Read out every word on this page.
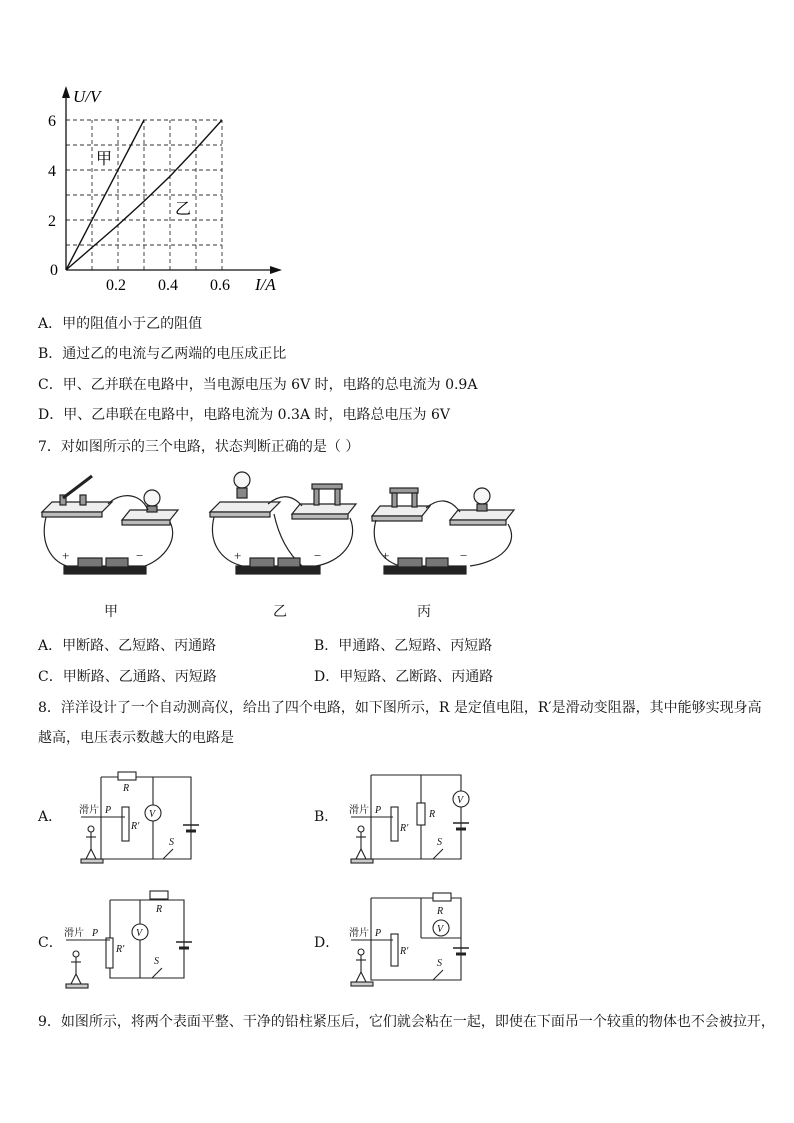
0.2 0.4 0.6
2
4
6
U/V
I/A
0
甲
乙
A．甲的阻值小于乙的阻值
B．通过乙的电流与乙两端的电压成正比
C．甲、乙并联在电路中，当电源电压为 6V 时，电路的总电流为 0.9A
D．甲、乙串联在电路中，电路电流为 0.3A 时，电路总电压为 6V
7．对如图所示的三个电路，状态判断正确的是（ ）
+	−	+	−	+	−
甲	乙	丙
A．甲断路、乙短路、丙通路	B．甲通路、乙短路、丙短路
C．甲断路、乙通路、丙短路	D．甲短路、乙断路、丙通路
8．洋洋设计了一个自动测高仪，给出了四个电路，如下图所示，R 是定值电阻，R′是滑动变阻器，其中能够实现身高
越高，电压表示数越大的电路是
A． 滑片 P
R
R′
V
S
B． 滑片 P	R
R′
V
S
C．
滑片 P
R
R′
V
S
D．
滑片 P
R
R′
V
S
9．如图所示，将两个表面平整、干净的铅柱紧压后，它们就会粘在一起，即使在下面吊一个较重的物体也不会被拉开，
